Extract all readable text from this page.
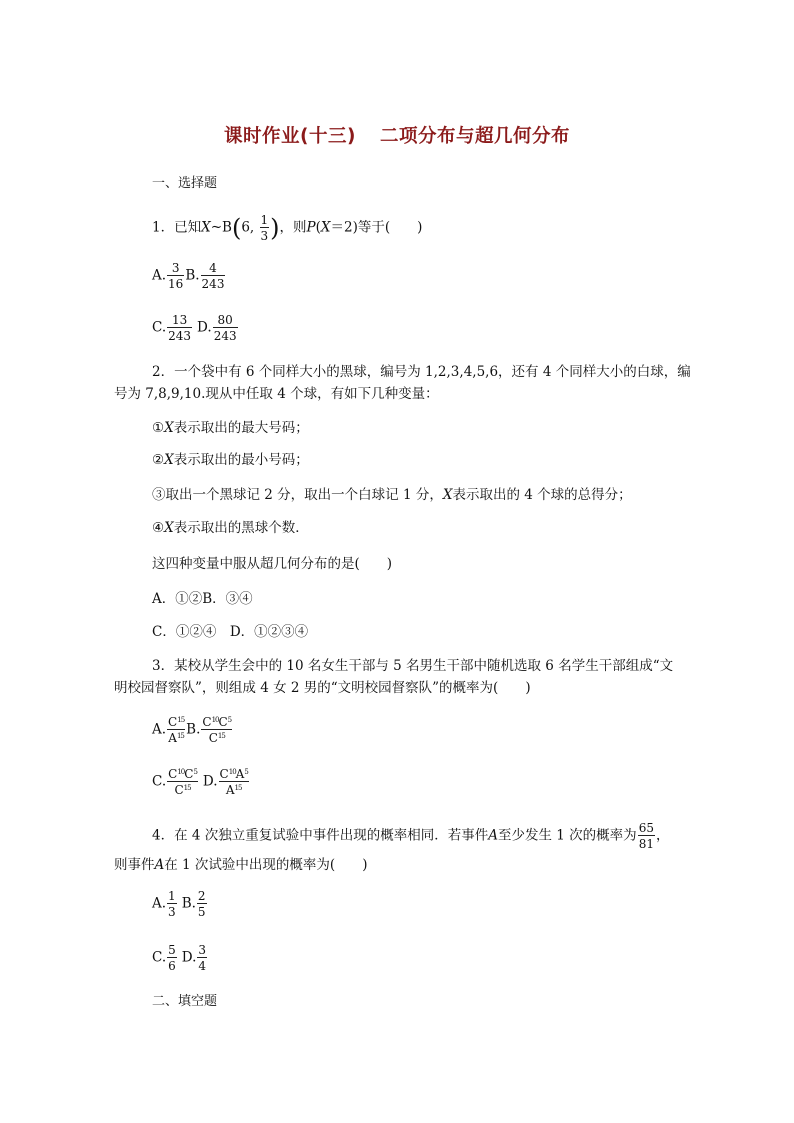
课时作业(十三) 二项分布与超几何分布
一、选择题
1．已知X~B(6, $\frac{1}{3}$ )，则P(X＝2)等于(　　)
A. $\frac{3}{16} B$. $\frac{4}{243}$
C. $\frac{13}{243} D$. $\frac{80}{243}$
2．一个袋中有 6 个同样大小的黑球，编号为 1,2,3,4,5,6，还有 4 个同样大小的白球，编
号为 7,8,9,10.现从中任取 4 个球，有如下几种变量：
①X表示取出的最大号码；
②X表示取出的最小号码；
③取出一个黑球记 2 分，取出一个白球记 1 分，X表示取出的 4 个球的总得分；
④X表示取出的黑球个数．
这四种变量中服从超几何分布的是(　　)
A．①②B．③④
C．①②④　D．①②③④
3．某校从学生会中的 10 名女生干部与 5 名男生干部中随机选取 6 名学生干部组成“文
明校园督察队”，则组成 4 女 2 男的“文明校园督察队”的概率为(　　)
A. $\frac{C^{15}}{A^{15}} B$. $\frac{C^{10}C^5}{C^{15}}$
C. $\frac{C^{10}C^5}{C^{15}} D$. $\frac{C^{10}A^5}{A^{15}}$
4．在 4 次独立重复试验中事件出现的概率相同．若事件A至少发生 1 次的概率为 $\frac{65}{81}$ ，
则事件A在 1 次试验中出现的概率为(　　)
A. $\frac{1}{3} B$. $\frac{2}{5}$
C. $\frac{5}{6} D$. $\frac{3}{4}$
二、填空题
